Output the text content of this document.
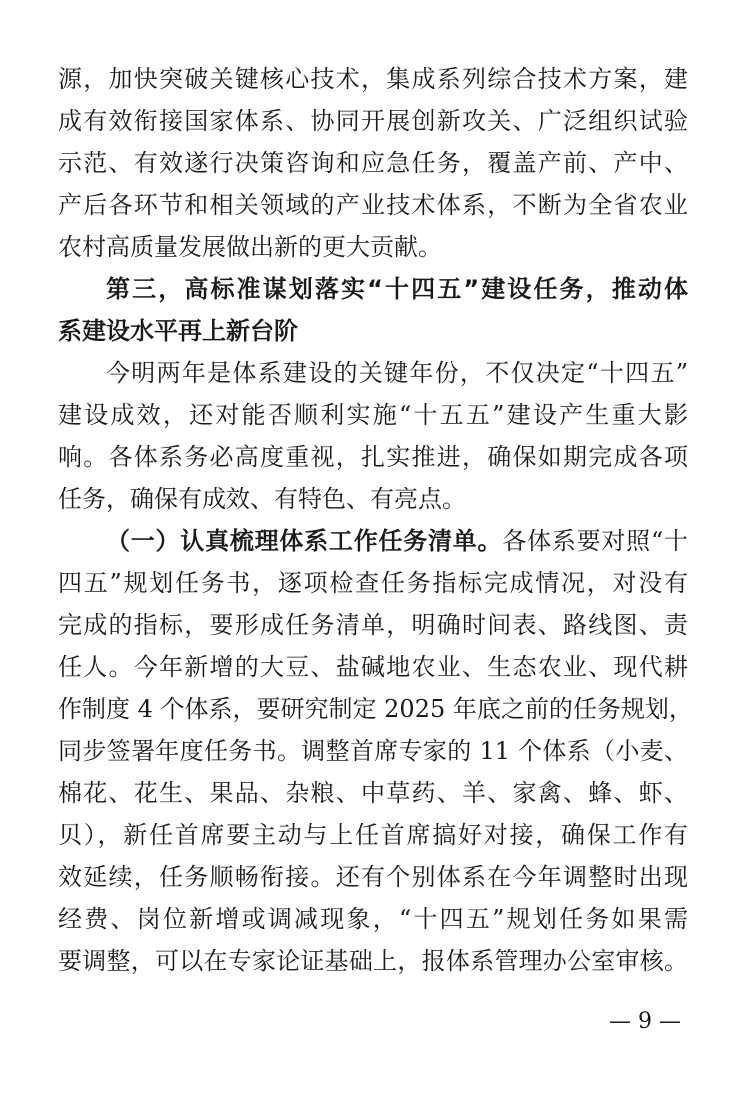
源，加快突破关键核心技术，集成系列综合技术方案，建
成有效衔接国家体系、协同开展创新攻关、广泛组织试验
示范、有效遂行决策咨询和应急任务，覆盖产前、产中、
产后各环节和相关领域的产业技术体系，不断为全省农业
农村高质量发展做出新的更大贡献。
第三，高标准谋划落实“十四五”建设任务，推动体
系建设水平再上新台阶
今明两年是体系建设的关键年份，不仅决定“十四五”
建设成效，还对能否顺利实施“十五五”建设产生重大影
响。各体系务必高度重视，扎实推进，确保如期完成各项
任务，确保有成效、有特色、有亮点。
（一）认真梳理体系工作任务清单。各体系要对照“十
四五”规划任务书，逐项检查任务指标完成情况，对没有
完成的指标，要形成任务清单，明确时间表、路线图、责
任人。今年新增的大豆、盐碱地农业、生态农业、现代耕
作制度 4 个体系，要研究制定 2025 年底之前的任务规划，
同步签署年度任务书。调整首席专家的 11 个体系（小麦、
棉花、花生、果品、杂粮、中草药、羊、家禽、蜂、虾、
贝），新任首席要主动与上任首席搞好对接，确保工作有
效延续，任务顺畅衔接。还有个别体系在今年调整时出现
经费、岗位新增或调减现象，“十四五”规划任务如果需
要调整，可以在专家论证基础上，报体系管理办公室审核。
— 9 —
